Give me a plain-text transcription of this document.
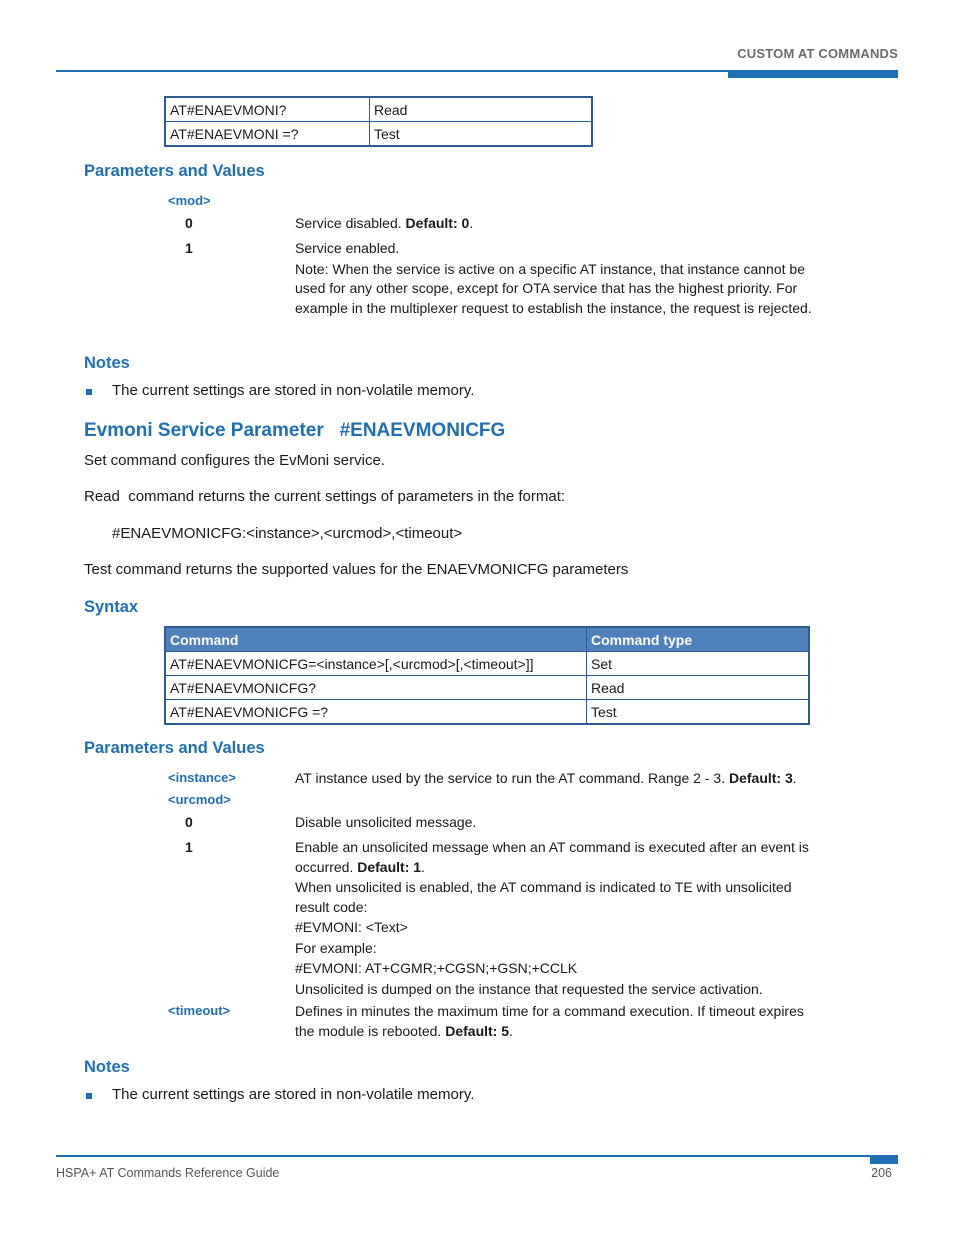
CUSTOM AT COMMANDS
AT#ENAEVMONI?	Read
AT#ENAEVMONI =?	Test
Parameters and Values
<mod>
0	Service disabled. Default: 0.
1	Service enabled.

Note: When the service is active on a specific AT instance, that instance cannot be used for any other scope, except for OTA service that has the highest priority. For example in the multiplexer request to establish the instance, the request is rejected.

Notes
The current settings are stored in non-volatile memory.
Evmoni Service Parameter   #ENAEVMONICFG
Set command configures the EvMoni service.
Read  command returns the current settings of parameters in the format:
#ENAEVMONICFG:<instance>,<urcmod>,<timeout>
Test command returns the supported values for the ENAEVMONICFG parameters
Syntax
Command	Command type
AT#ENAEVMONICFG=<instance>[,<urcmod>[,<timeout>]]	Set
AT#ENAEVMONICFG?	Read
AT#ENAEVMONICFG =?	Test
Parameters and Values
<instance>	AT instance used by the service to run the AT command. Range 2 - 3. Default: 3.
<urcmod>
0	Disable unsolicited message.
1	Enable an unsolicited message when an AT command is executed after an event is occurred. Default: 1.

When unsolicited is enabled, the AT command is indicated to TE with unsolicited result code:

#EVMONI: <Text>

For example:

#EVMONI: AT+CGMR;+CGSN;+GSN;+CCLK

Unsolicited is dumped on the instance that requested the service activation.

<timeout>	Defines in minutes the maximum time for a command execution. If timeout expires the module is rebooted. Default: 5.
Notes
The current settings are stored in non-volatile memory.
HSPA+ AT Commands Reference Guide	206
